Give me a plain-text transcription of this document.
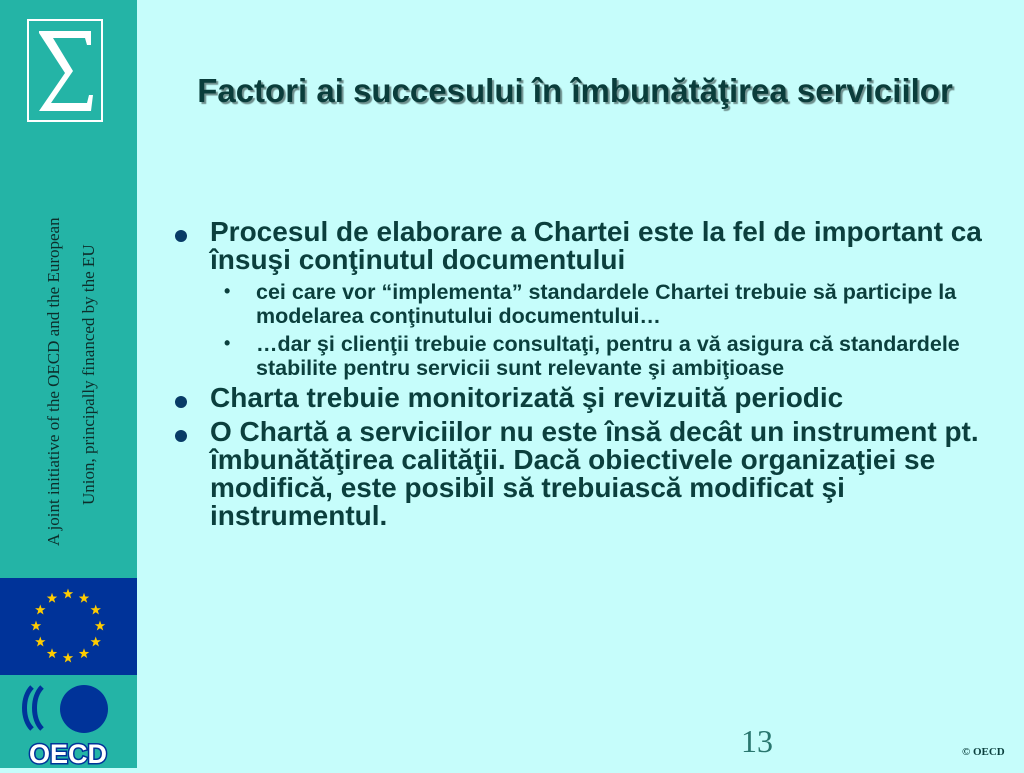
A joint initiative of the OECD and the European Union, principally financed by the EU
OECD
Factori ai succesului în îmbunătăţirea serviciilor
Procesul de elaborare a Chartei este la fel de important ca însuşi conţinutul documentului
• cei care vor “implementa” standardele Chartei trebuie să participe la modelarea conţinutului documentului…
• …dar şi clienţii trebuie consultaţi, pentru a vă asigura că standardele stabilite pentru servicii sunt relevante şi ambiţioase
Charta trebuie monitorizată şi revizuită periodic
O Chartă a serviciilor nu este însă decât un instrument pt. îmbunătăţirea calităţii. Dacă obiectivele organizaţiei se modifică, este posibil să trebuiască modificat şi instrumentul.
13	© OECD
